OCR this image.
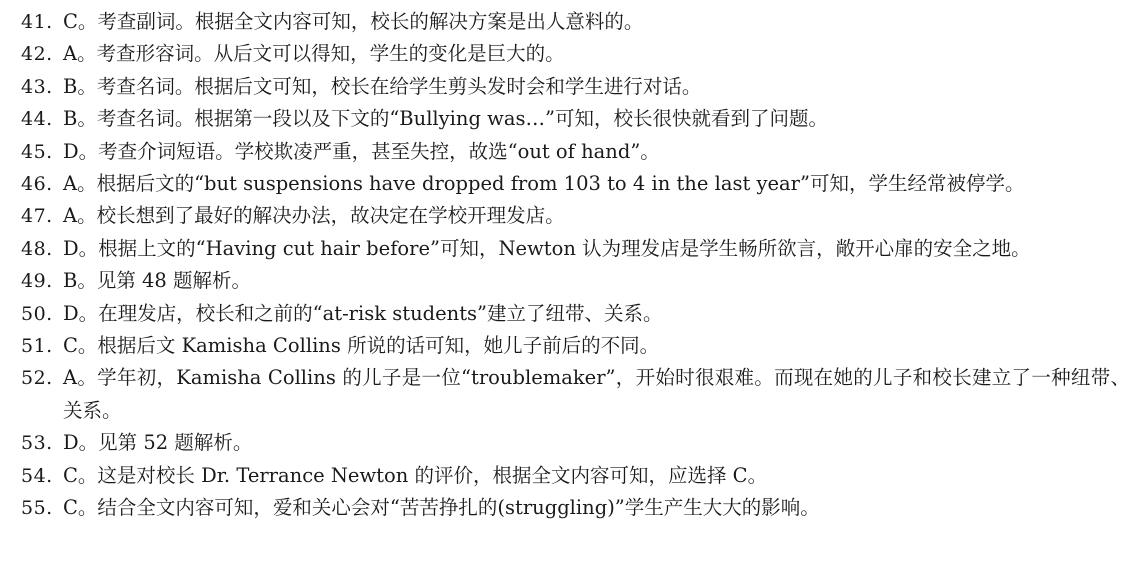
41. C。考查副词。根据全文内容可知，校长的解决方案是出人意料的。
42. A。考查形容词。从后文可以得知，学生的变化是巨大的。
43. B。考查名词。根据后文可知，校长在给学生剪头发时会和学生进行对话。
44. B。考查名词。根据第一段以及下文的“Bullying was…”可知，校长很快就看到了问题。
45. D。考查介词短语。学校欺凌严重，甚至失控，故选“out of hand”。
46. A。根据后文的“but suspensions have dropped from 103 to 4 in the last year”可知，学生经常被停学。
47. A。校长想到了最好的解决办法，故决定在学校开理发店。
48. D。根据上文的“Having cut hair before”可知，Newton 认为理发店是学生畅所欲言，敞开心扉的安全之地。
49. B。见第 48 题解析。
50. D。在理发店，校长和之前的“at-risk students”建立了纽带、关系。
51. C。根据后文 Kamisha Collins 所说的话可知，她儿子前后的不同。
52. A。学年初，Kamisha Collins 的儿子是一位“troublemaker”，开始时很艰难。而现在她的儿子和校长建立了一种纽带、关系。
53. D。见第 52 题解析。
54. C。这是对校长 Dr. Terrance Newton 的评价，根据全文内容可知，应选择 C。
55. C。结合全文内容可知，爱和关心会对“苦苦挣扎的(struggling)”学生产生大大的影响。
